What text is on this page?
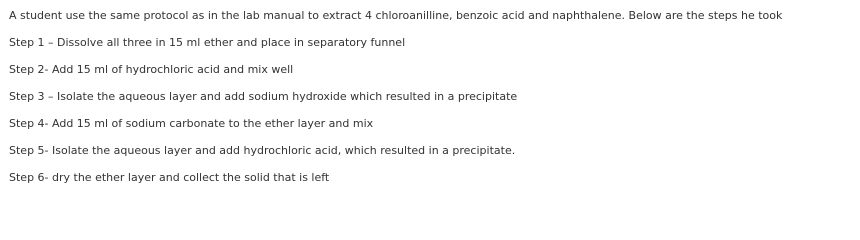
A student use the same protocol as in the lab manual to extract 4 chloroanilline, benzoic acid and naphthalene. Below are the steps he took

Step 1 – Dissolve all three in 15 ml ether and place in separatory funnel

Step 2- Add 15 ml of hydrochloric acid and mix well

Step 3 – Isolate the aqueous layer and add sodium hydroxide which resulted in a precipitate

Step 4- Add 15 ml of sodium carbonate to the ether layer and mix

Step 5- Isolate the aqueous layer and add hydrochloric acid, which resulted in a precipitate.

Step 6- dry the ether layer and collect the solid that is left
